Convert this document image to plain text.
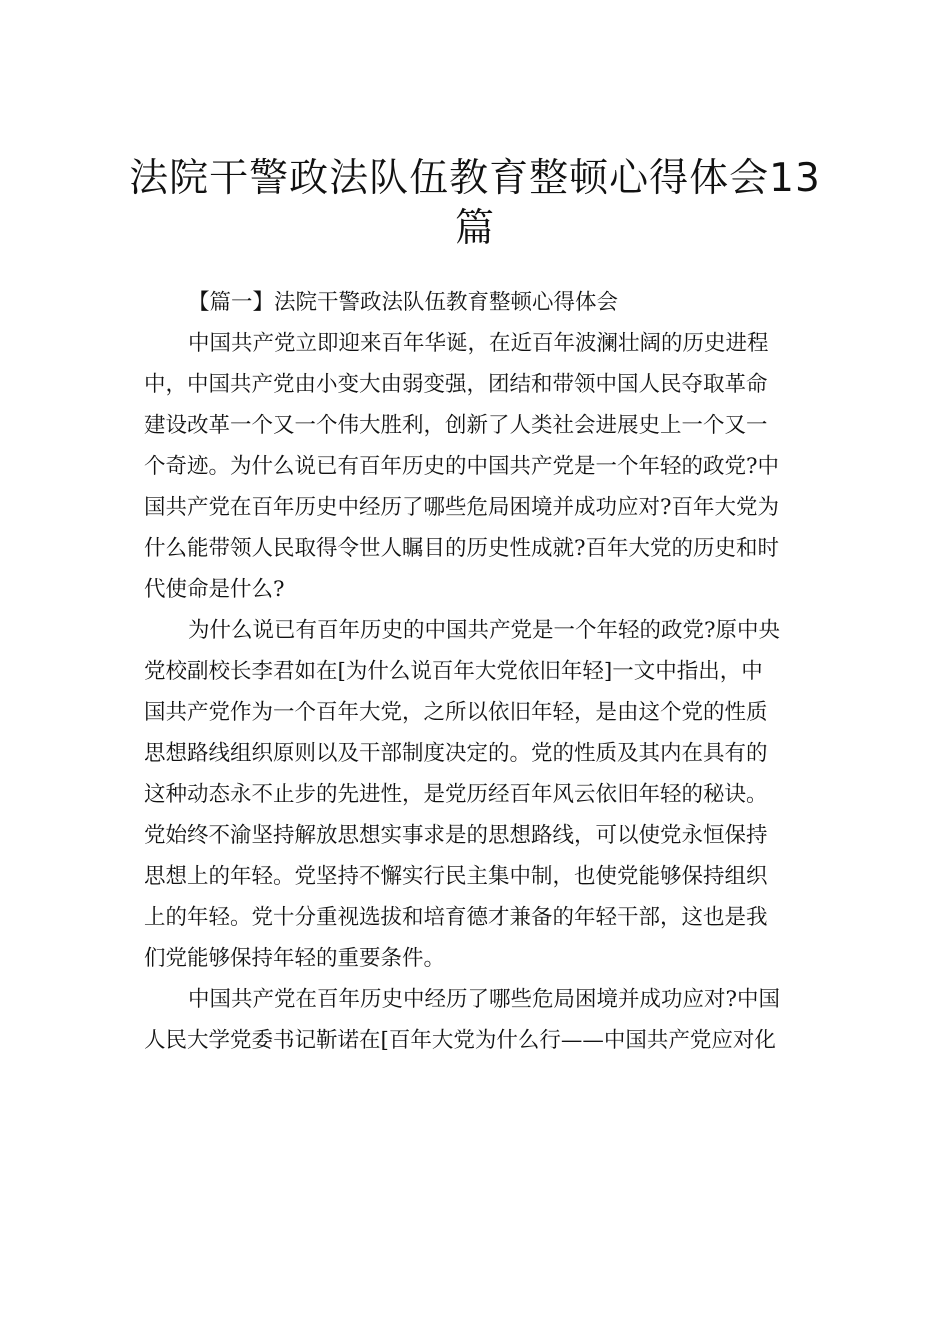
法院干警政法队伍教育整顿心得体会13
篇

【篇一】法院干警政法队伍教育整顿心得体会

中国共产党立即迎来百年华诞，在近百年波澜壮阔的历史进程
中，中国共产党由小变大由弱变强，团结和带领中国人民夺取革命
建设改革一个又一个伟大胜利，创新了人类社会进展史上一个又一
个奇迹。为什么说已有百年历史的中国共产党是一个年轻的政党?中
国共产党在百年历史中经历了哪些危局困境并成功应对?百年大党为
什么能带领人民取得令世人瞩目的历史性成就?百年大党的历史和时
代使命是什么?

为什么说已有百年历史的中国共产党是一个年轻的政党?原中央
党校副校长李君如在[为什么说百年大党依旧年轻]一文中指出，中
国共产党作为一个百年大党，之所以依旧年轻，是由这个党的性质
思想路线组织原则以及干部制度决定的。党的性质及其内在具有的
这种动态永不止步的先进性，是党历经百年风云依旧年轻的秘诀。
党始终不渝坚持解放思想实事求是的思想路线，可以使党永恒保持
思想上的年轻。党坚持不懈实行民主集中制，也使党能够保持组织
上的年轻。党十分重视选拔和培育德才兼备的年轻干部，这也是我
们党能够保持年轻的重要条件。

中国共产党在百年历史中经历了哪些危局困境并成功应对?中国
人民大学党委书记靳诺在[百年大党为什么行——中国共产党应对化
